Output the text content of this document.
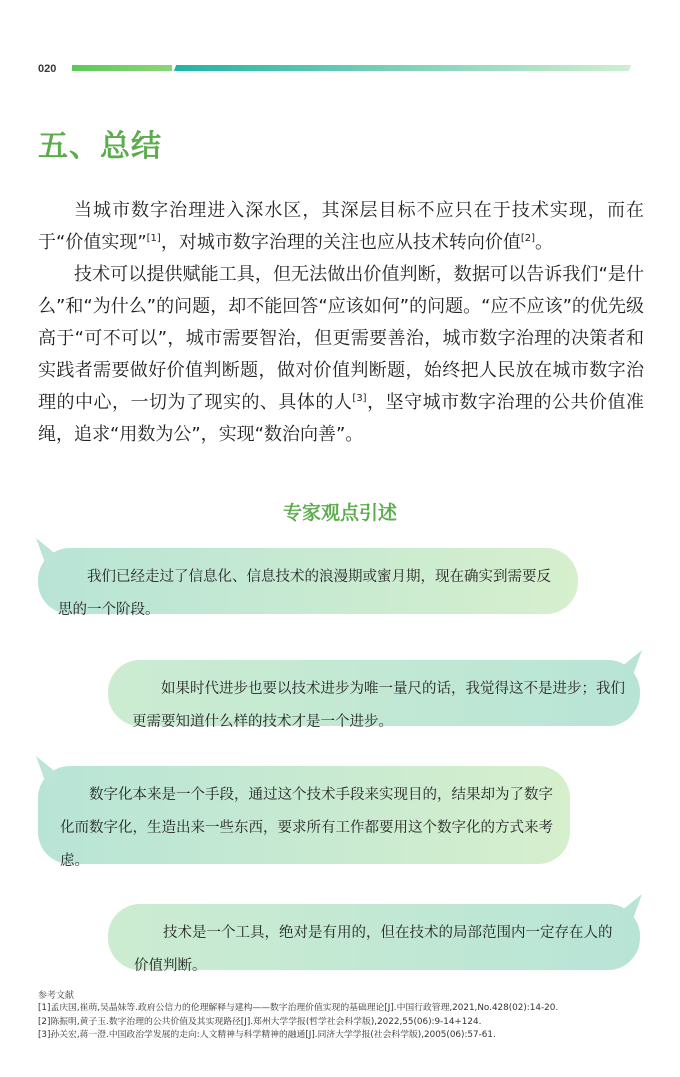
020
五、总结

当城市数字治理进入深水区，其深层目标不应只在于技术实现，而在于“价值实现”[1]，对城市数字治理的关注也应从技术转向价值[2]。

技术可以提供赋能工具，但无法做出价值判断，数据可以告诉我们“是什么”和“为什么”的问题，却不能回答“应该如何”的问题。“应不应该”的优先级高于“可不可以”，城市需要智治，但更需要善治，城市数字治理的决策者和实践者需要做好价值判断题，做对价值判断题，始终把人民放在城市数字治理的中心，一切为了现实的、具体的人[3]，坚守城市数字治理的公共价值准绳，追求“用数为公”，实现“数治向善”。

专家观点引述

我们已经走过了信息化、信息技术的浪漫期或蜜月期，现在确实到需要反思的一个阶段。

如果时代进步也要以技术进步为唯一量尺的话，我觉得这不是进步；我们更需要知道什么样的技术才是一个进步。

数字化本来是一个手段，通过这个技术手段来实现目的，结果却为了数字化而数字化，生造出来一些东西，要求所有工作都要用这个数字化的方式来考虑。

技术是一个工具，绝对是有用的，但在技术的局部范围内一定存在人的价值判断。

参考文献

[1]孟庆国,崔萌,吴晶妹等.政府公信力的伦理解释与建构——数字治理价值实现的基础理论[J].中国行政管理,2021,No.428(02):14-20.

[2]陈振明,黄子玉.数字治理的公共价值及其实现路径[J].郑州大学学报(哲学社会科学版),2022,55(06):9-14+124.

[3]孙关宏,蒋一澄.中国政治学发展的走向:人文精神与科学精神的融通[J].同济大学学报(社会科学版),2005(06):57-61.
